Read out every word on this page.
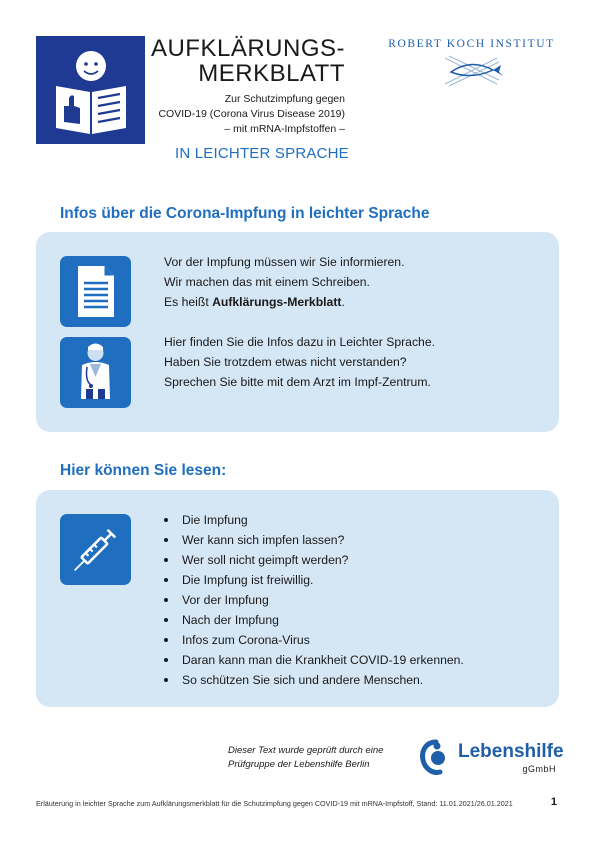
AUFKLÄRUNGS-
MERKBLATT
Zur Schutzimpfung gegen
COVID-19 (Corona Virus Disease 2019)
– mit mRNA-Impfstoffen –
IN LEICHTER SPRACHE
ROBERT KOCH INSTITUT
Infos über die Corona-Impfung in leichter Sprache
Vor der Impfung müssen wir Sie informieren.
Wir machen das mit einem Schreiben.
Es heißt Aufklärungs-Merkblatt.
Hier finden Sie die Infos dazu in Leichter Sprache.
Haben Sie trotzdem etwas nicht verstanden?
Sprechen Sie bitte mit dem Arzt im Impf-Zentrum.
Hier können Sie lesen:
Die Impfung
Wer kann sich impfen lassen?
Wer soll nicht geimpft werden?
Die Impfung ist freiwillig.
Vor der Impfung
Nach der Impfung
Infos zum Corona-Virus
Daran kann man die Krankheit COVID-19 erkennen.
So schützen Sie sich und andere Menschen.
Dieser Text wurde geprüft durch eine
Prüfgruppe der Lebenshilfe Berlin
Lebenshilfe
gGmbH
Erläuterung in leichter Sprache zum Aufklärungsmerkblatt für die Schutzimpfung gegen COVID-19 mit mRNA-Impfstoff, Stand: 11.01.2021/26.01.2021	1
